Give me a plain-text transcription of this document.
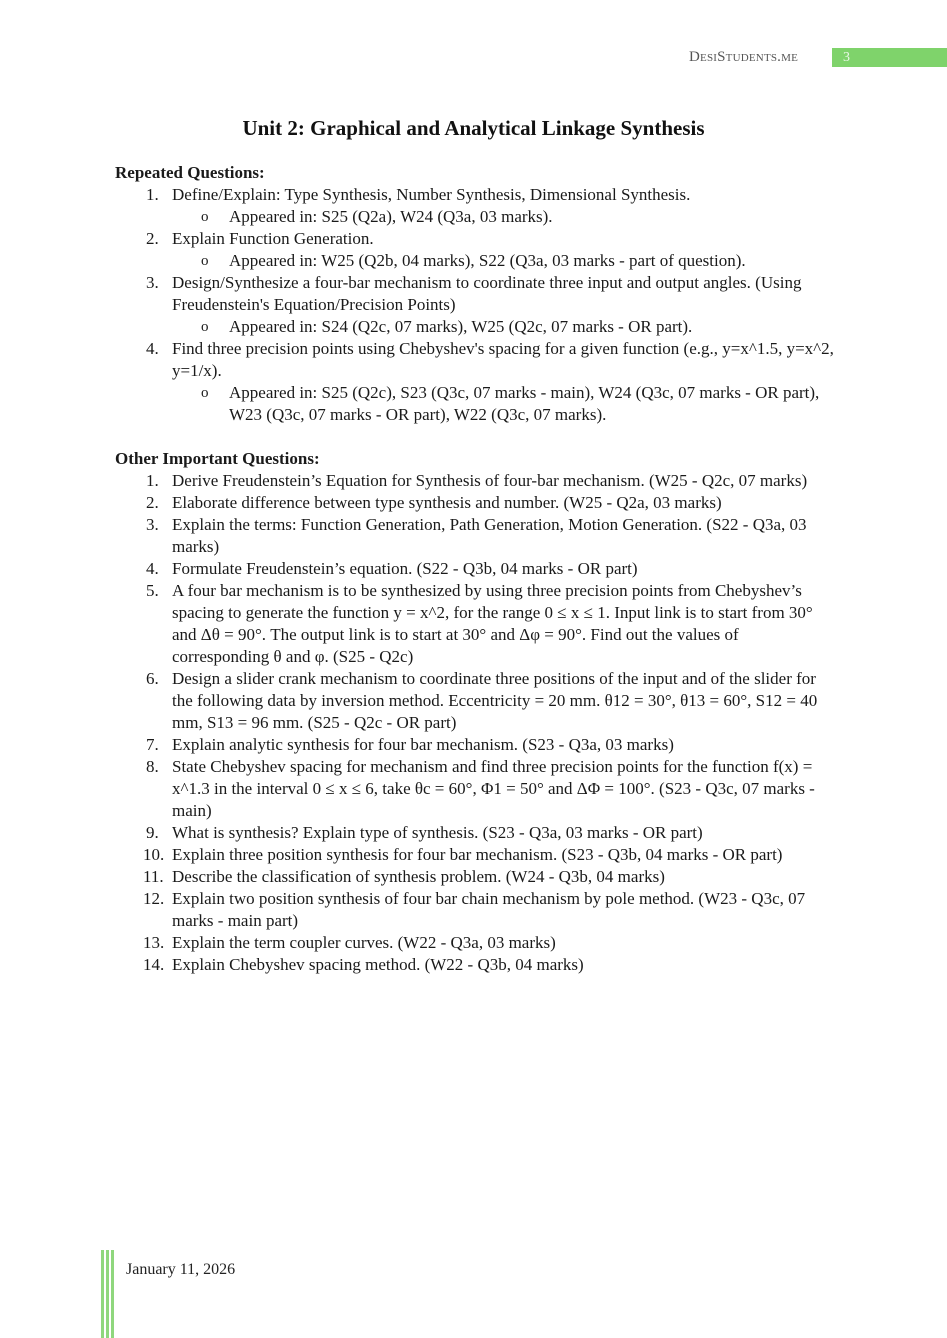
DesiStudents.me	3
Unit 2: Graphical and Analytical Linkage Synthesis
Repeated Questions:
1. Define/Explain: Type Synthesis, Number Synthesis, Dimensional Synthesis.
o Appeared in: S25 (Q2a), W24 (Q3a, 03 marks).
2. Explain Function Generation.
o Appeared in: W25 (Q2b, 04 marks), S22 (Q3a, 03 marks - part of question).
3. Design/Synthesize a four-bar mechanism to coordinate three input and output angles. (Using Freudenstein's Equation/Precision Points)
o Appeared in: S24 (Q2c, 07 marks), W25 (Q2c, 07 marks - OR part).
4. Find three precision points using Chebyshev's spacing for a given function (e.g., y=x^1.5, y=x^2, y=1/x).
o Appeared in: S25 (Q2c), S23 (Q3c, 07 marks - main), W24 (Q3c, 07 marks - OR part), W23 (Q3c, 07 marks - OR part), W22 (Q3c, 07 marks).
Other Important Questions:
1. Derive Freudenstein’s Equation for Synthesis of four-bar mechanism. (W25 - Q2c, 07 marks)
2. Elaborate difference between type synthesis and number. (W25 - Q2a, 03 marks)
3. Explain the terms: Function Generation, Path Generation, Motion Generation. (S22 - Q3a, 03 marks)
4. Formulate Freudenstein’s equation. (S22 - Q3b, 04 marks - OR part)
5. A four bar mechanism is to be synthesized by using three precision points from Chebyshev’s spacing to generate the function y = x^2, for the range 0 ≤ x ≤ 1. Input link is to start from 30° and Δθ = 90°. The output link is to start at 30° and Δφ = 90°. Find out the values of corresponding θ and φ. (S25 - Q2c)
6. Design a slider crank mechanism to coordinate three positions of the input and of the slider for the following data by inversion method. Eccentricity = 20 mm. θ12 = 30°, θ13 = 60°, S12 = 40 mm, S13 = 96 mm. (S25 - Q2c - OR part)
7. Explain analytic synthesis for four bar mechanism. (S23 - Q3a, 03 marks)
8. State Chebyshev spacing for mechanism and find three precision points for the function f(x) = x^1.3 in the interval 0 ≤ x ≤ 6, take θc = 60°, Φ1 = 50° and ΔΦ = 100°. (S23 - Q3c, 07 marks - main)
9. What is synthesis? Explain type of synthesis. (S23 - Q3a, 03 marks - OR part)
10. Explain three position synthesis for four bar mechanism. (S23 - Q3b, 04 marks - OR part)
11. Describe the classification of synthesis problem. (W24 - Q3b, 04 marks)
12. Explain two position synthesis of four bar chain mechanism by pole method. (W23 - Q3c, 07 marks - main part)
13. Explain the term coupler curves. (W22 - Q3a, 03 marks)
14. Explain Chebyshev spacing method. (W22 - Q3b, 04 marks)
January 11, 2026
